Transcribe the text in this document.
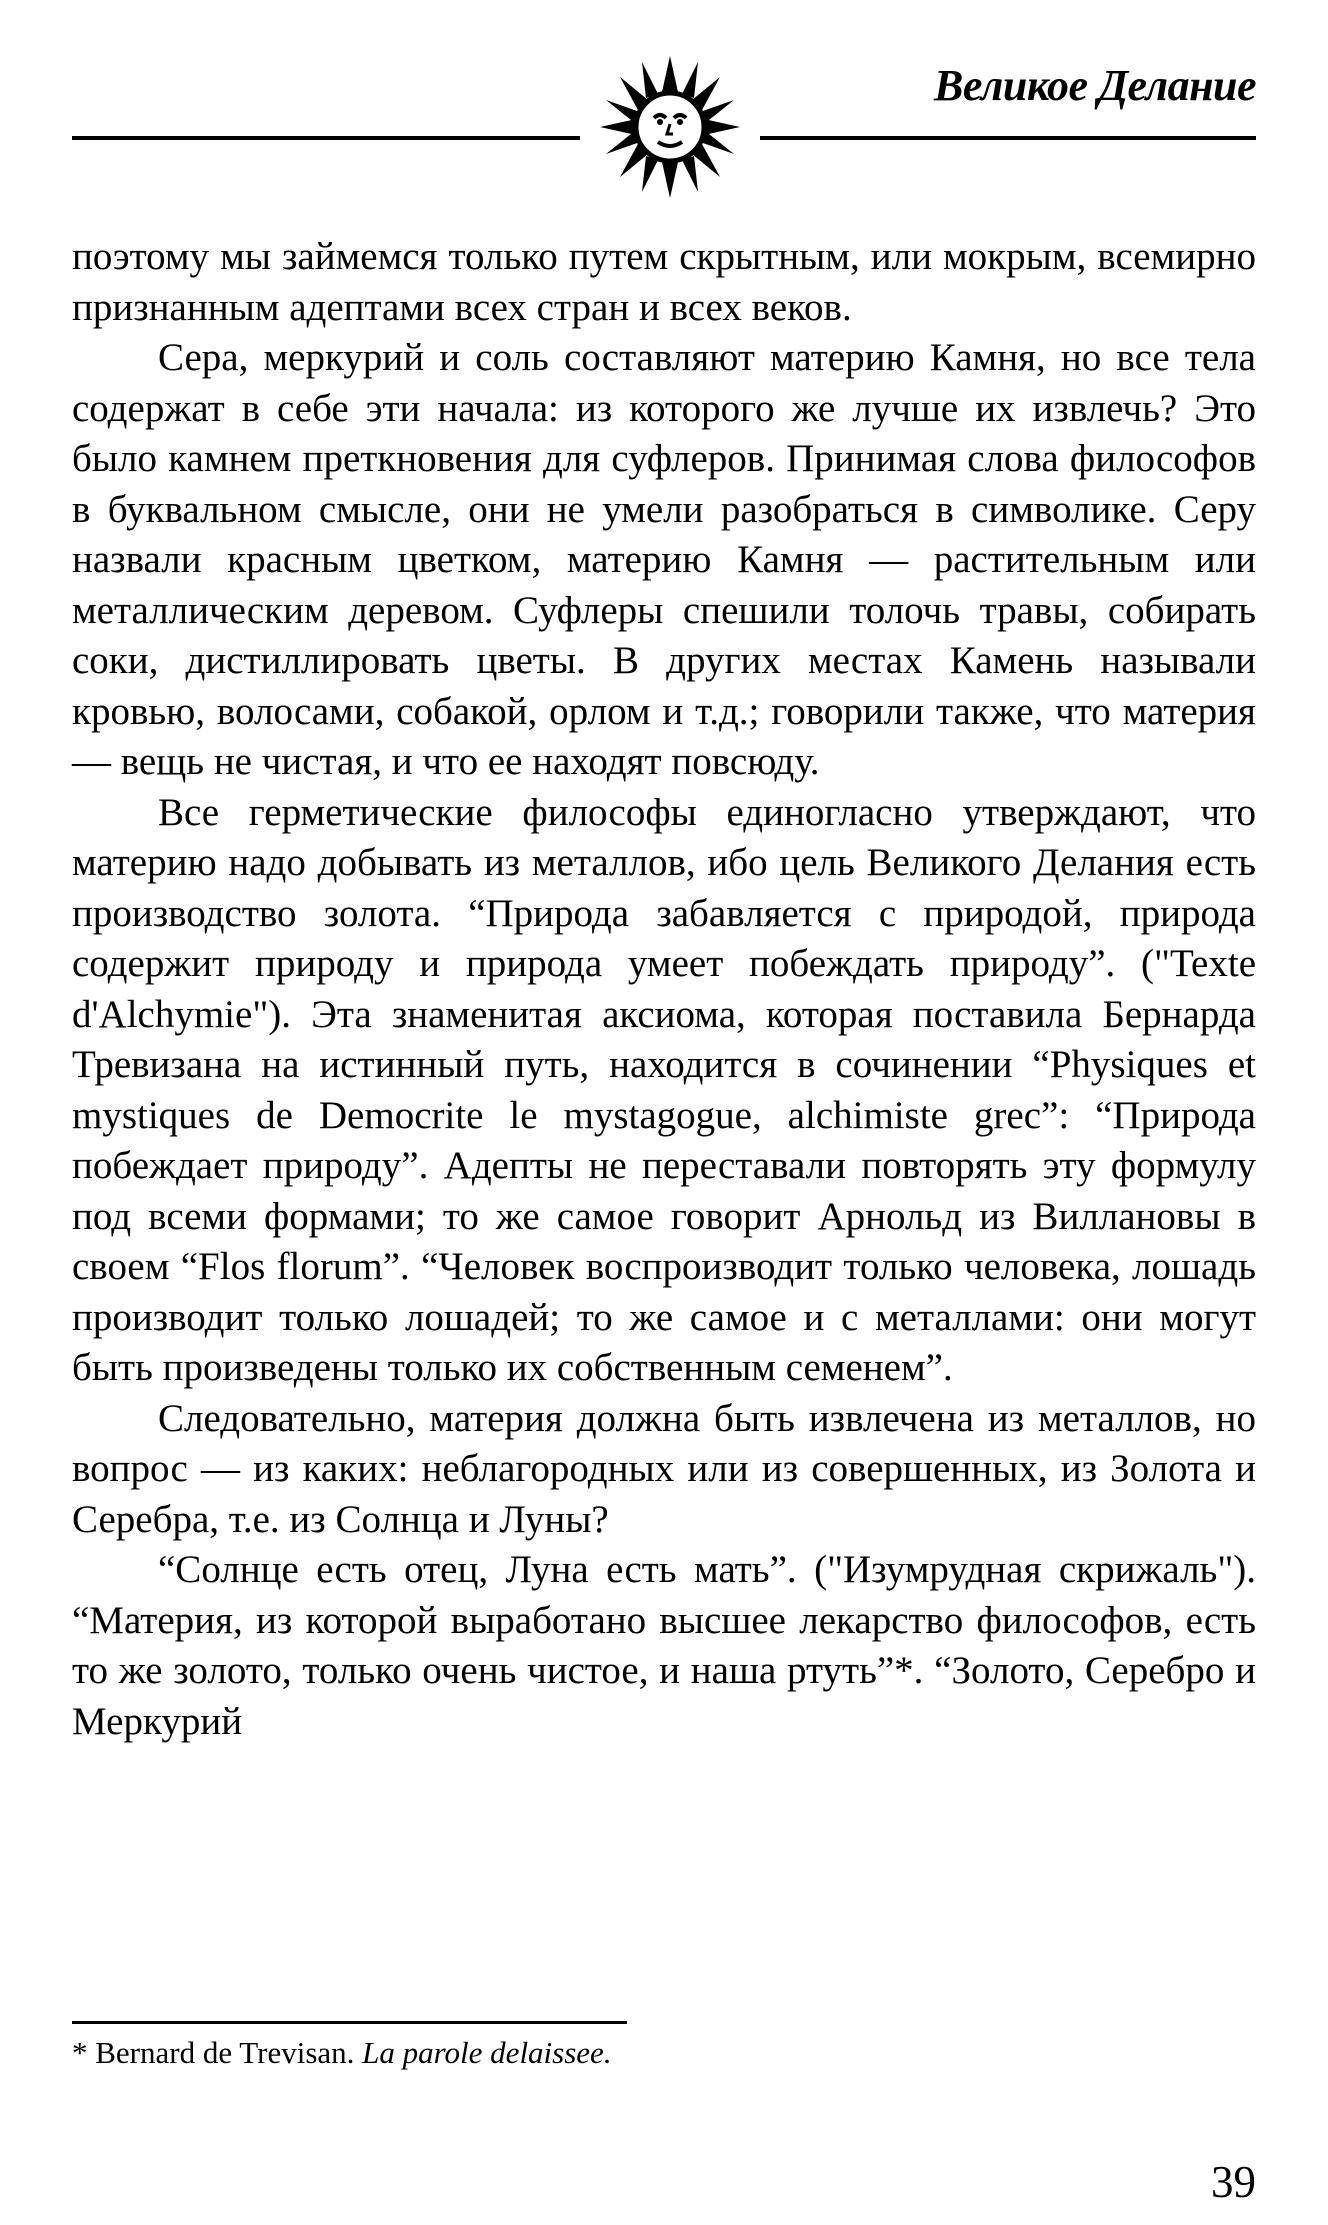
Великое Делание

поэтому мы займемся только путем скрытным, или мокрым, всемирно признанным адептами всех стран и всех веков.

Сера, меркурий и соль составляют материю Камня, но все тела содержат в себе эти начала: из которого же лучше их извлечь? Это было камнем преткновения для суфлеров. Принимая слова философов в буквальном смысле, они не умели разобраться в символике. Серу назвали красным цветком, материю Камня — растительным или металлическим деревом. Суфлеры спешили толочь травы, собирать соки, дистиллировать цветы. В других местах Камень называли кровью, волосами, собакой, орлом и т.д.; говорили также, что материя — вещь не чистая, и что ее находят повсюду.

Все герметические философы единогласно утверждают, что материю надо добывать из металлов, ибо цель Великого Делания есть производство золота. “Природа забавляется с природой, природа содержит природу и природа умеет побеждать природу”. ("Texte d'Alchymie"). Эта знаменитая аксиома, которая поставила Бернарда Тревизана на истинный путь, находится в сочинении “Physiques et mystiques de Democrite le mystagogue, alchimiste grec”: “Природа побеждает природу”. Адепты не переставали повторять эту формулу под всеми формами; то же самое говорит Арнольд из Виллановы в своем “Flos florum”. “Человек воспроизводит только человека, лошадь производит только лошадей; то же самое и с металлами: они могут быть произведены только их собственным семенем”.

Следовательно, материя должна быть извлечена из металлов, но вопрос — из каких: неблагородных или из совершенных, из Золота и Серебра, т.е. из Солнца и Луны?

“Солнце есть отец, Луна есть мать”. ("Изумрудная скрижаль"). “Материя, из которой выработано высшее лекарство философов, есть то же золото, только очень чистое, и наша ртуть”*. “Золото, Серебро и Меркурий

* Bernard de Trevisan. La parole delaissee.
39
